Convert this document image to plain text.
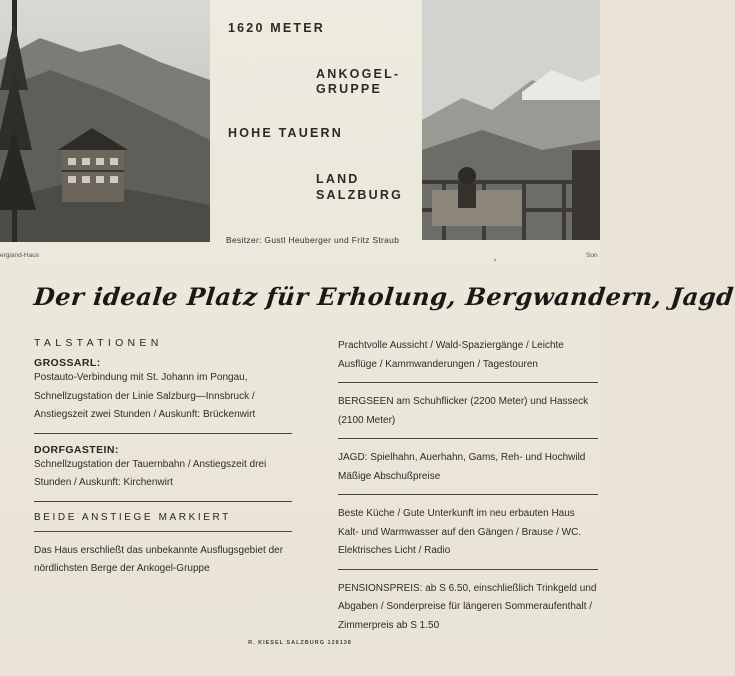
ergland-Haus
❜
Son
1620 METER
ANKOGEL-
GRUPPE
HOHE TAUERN
LAND
SALZBURG
Besitzer: Gustl Heuberger und Fritz Straub
Der ideale Platz für Erholung, Bergwandern, Jagd
TALSTATIONEN
GROSSARL:
Postauto-Verbindung mit St. Johann im Pongau, Schnellzugstation der Linie Salzburg—Innsbruck / Anstiegszeit zwei Stunden / Auskunft: Brückenwirt
DORFGASTEIN:
Schnellzugstation der Tauernbahn / Anstiegszeit drei Stunden / Auskunft: Kirchenwirt
BEIDE ANSTIEGE MARKIERT
Das Haus erschließt das unbekannte Ausflugsgebiet der nördlichsten Berge der Ankogel-Gruppe
Prachtvolle Aussicht / Wald-Spaziergänge / Leichte Ausflüge / Kammwanderungen / Tagestouren
BERGSEEN am Schuhflicker (2200 Meter) und Hasseck (2100 Meter)
JAGD: Spielhahn, Auerhahn, Gams, Reh- und Hochwild Mäßige Abschußpreise
Beste Küche / Gute Unterkunft im neu erbauten Haus Kalt- und Warmwasser auf den Gängen / Brause / WC. Elektrisches Licht / Radio
PENSIONSPREIS: ab S 6.50, einschließlich Trinkgeld und Abgaben / Sonderpreise für längeren Sommeraufenthalt / Zimmerpreis ab S 1.50
R. KIESEL SALZBURG 128138
